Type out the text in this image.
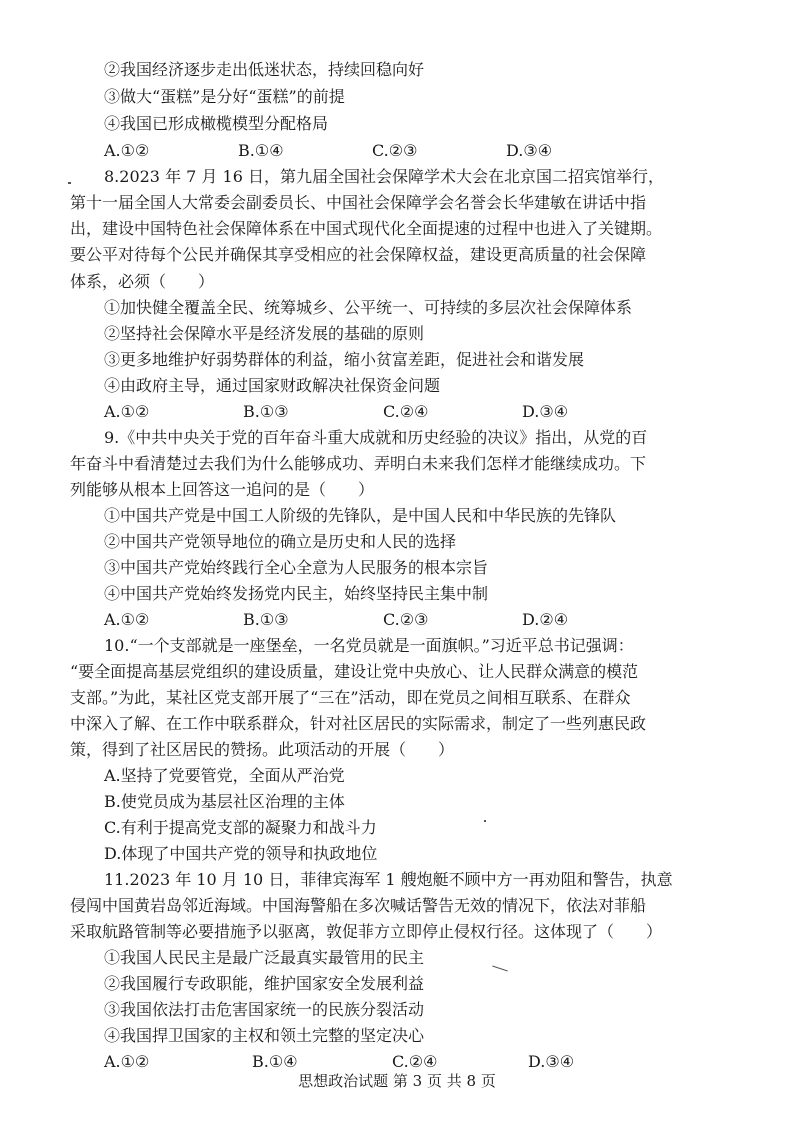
②我国经济逐步走出低迷状态，持续回稳向好
③做大“蛋糕”是分好“蛋糕”的前提
④我国已形成橄榄模型分配格局
A.①②	B.①④	C.②③	D.③④
8.2023 年 7 月 16 日，第九届全国社会保障学术大会在北京国二招宾馆举行，
第十一届全国人大常委会副委员长、中国社会保障学会名誉会长华建敏在讲话中指
出，建设中国特色社会保障体系在中国式现代化全面提速的过程中也进入了关键期。
要公平对待每个公民并确保其享受相应的社会保障权益，建设更高质量的社会保障
体系，必须（　　）
①加快健全覆盖全民、统筹城乡、公平统一、可持续的多层次社会保障体系
②坚持社会保障水平是经济发展的基础的原则
③更多地维护好弱势群体的利益，缩小贫富差距，促进社会和谐发展
④由政府主导，通过国家财政解决社保资金问题
A.①②	B.①③	C.②④	D.③④
9.《中共中央关于党的百年奋斗重大成就和历史经验的决议》指出，从党的百
年奋斗中看清楚过去我们为什么能够成功、弄明白未来我们怎样才能继续成功。下
列能够从根本上回答这一追问的是（　　）
①中国共产党是中国工人阶级的先锋队，是中国人民和中华民族的先锋队
②中国共产党领导地位的确立是历史和人民的选择
③中国共产党始终践行全心全意为人民服务的根本宗旨
④中国共产党始终发扬党内民主，始终坚持民主集中制
A.①②	B.①③	C.②③	D.②④
10.“一个支部就是一座堡垒，一名党员就是一面旗帜。”习近平总书记强调：
“要全面提高基层党组织的建设质量，建设让党中央放心、让人民群众满意的模范
支部。”为此，某社区党支部开展了“三在”活动，即在党员之间相互联系、在群众
中深入了解、在工作中联系群众，针对社区居民的实际需求，制定了一些列惠民政
策，得到了社区居民的赞扬。此项活动的开展（　　）
A.坚持了党要管党，全面从严治党
B.使党员成为基层社区治理的主体
C.有利于提高党支部的凝聚力和战斗力
D.体现了中国共产党的领导和执政地位
11.2023 年 10 月 10 日，菲律宾海军 1 艘炮艇不顾中方一再劝阻和警告，执意
侵闯中国黄岩岛邻近海域。中国海警船在多次喊话警告无效的情况下，依法对菲船
采取航路管制等必要措施予以驱离，敦促菲方立即停止侵权行径。这体现了（　　）
①我国人民民主是最广泛最真实最管用的民主
②我国履行专政职能，维护国家安全发展利益
③我国依法打击危害国家统一的民族分裂活动
④我国捍卫国家的主权和领土完整的坚定决心
A.①②	B.①④	C.②④	D.③④
思想政治试题 第 3 页 共 8 页
